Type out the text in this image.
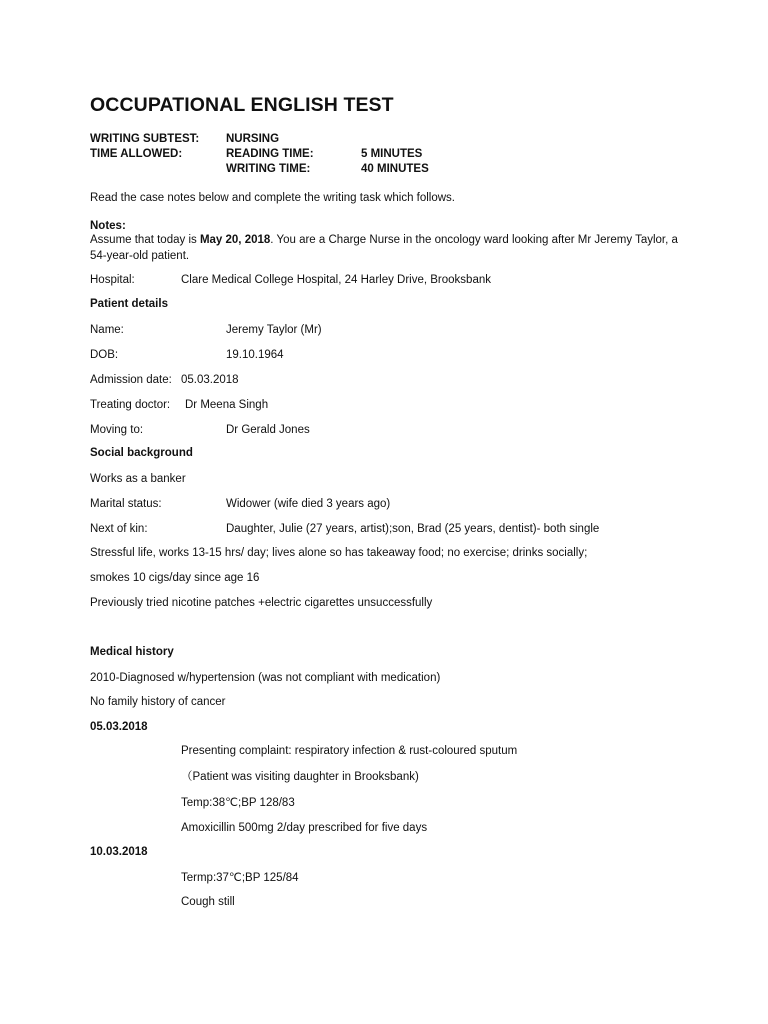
OCCUPATIONAL ENGLISH TEST
WRITING SUBTEST: NURSING
TIME ALLOWED:	READING TIME:	5 MINUTES
WRITING TIME:	40 MINUTES
Read the case notes below and complete the writing task which follows.
Notes:
Assume that today is May 20, 2018. You are a Charge Nurse in the oncology ward looking after Mr Jeremy Taylor, a 54-year-old patient.
Hospital:	Clare Medical College Hospital, 24 Harley Drive, Brooksbank
Patient details
Name:	Jeremy Taylor (Mr)
DOB:	19.10.1964
Admission date: 05.03.2018
Treating doctor: Dr Meena Singh
Moving to:	Dr Gerald Jones
Social background
Works as a banker
Marital status:	Widower (wife died 3 years ago)
Next of kin:	Daughter, Julie (27 years, artist);son, Brad (25 years, dentist)- both single
Stressful life, works 13-15 hrs/ day; lives alone so has takeaway food; no exercise; drinks socially;
smokes 10 cigs/day since age 16
Previously tried nicotine patches +electric cigarettes unsuccessfully
Medical history
2010-Diagnosed w/hypertension (was not compliant with medication)
No family history of cancer
05.03.2018
Presenting complaint: respiratory infection & rust-coloured sputum
（Patient was visiting daughter in Brooksbank)
Temp:38℃;BP 128/83
Amoxicillin 500mg 2/day prescribed for five days
10.03.2018
Termp:37℃;BP 125/84
Cough still
